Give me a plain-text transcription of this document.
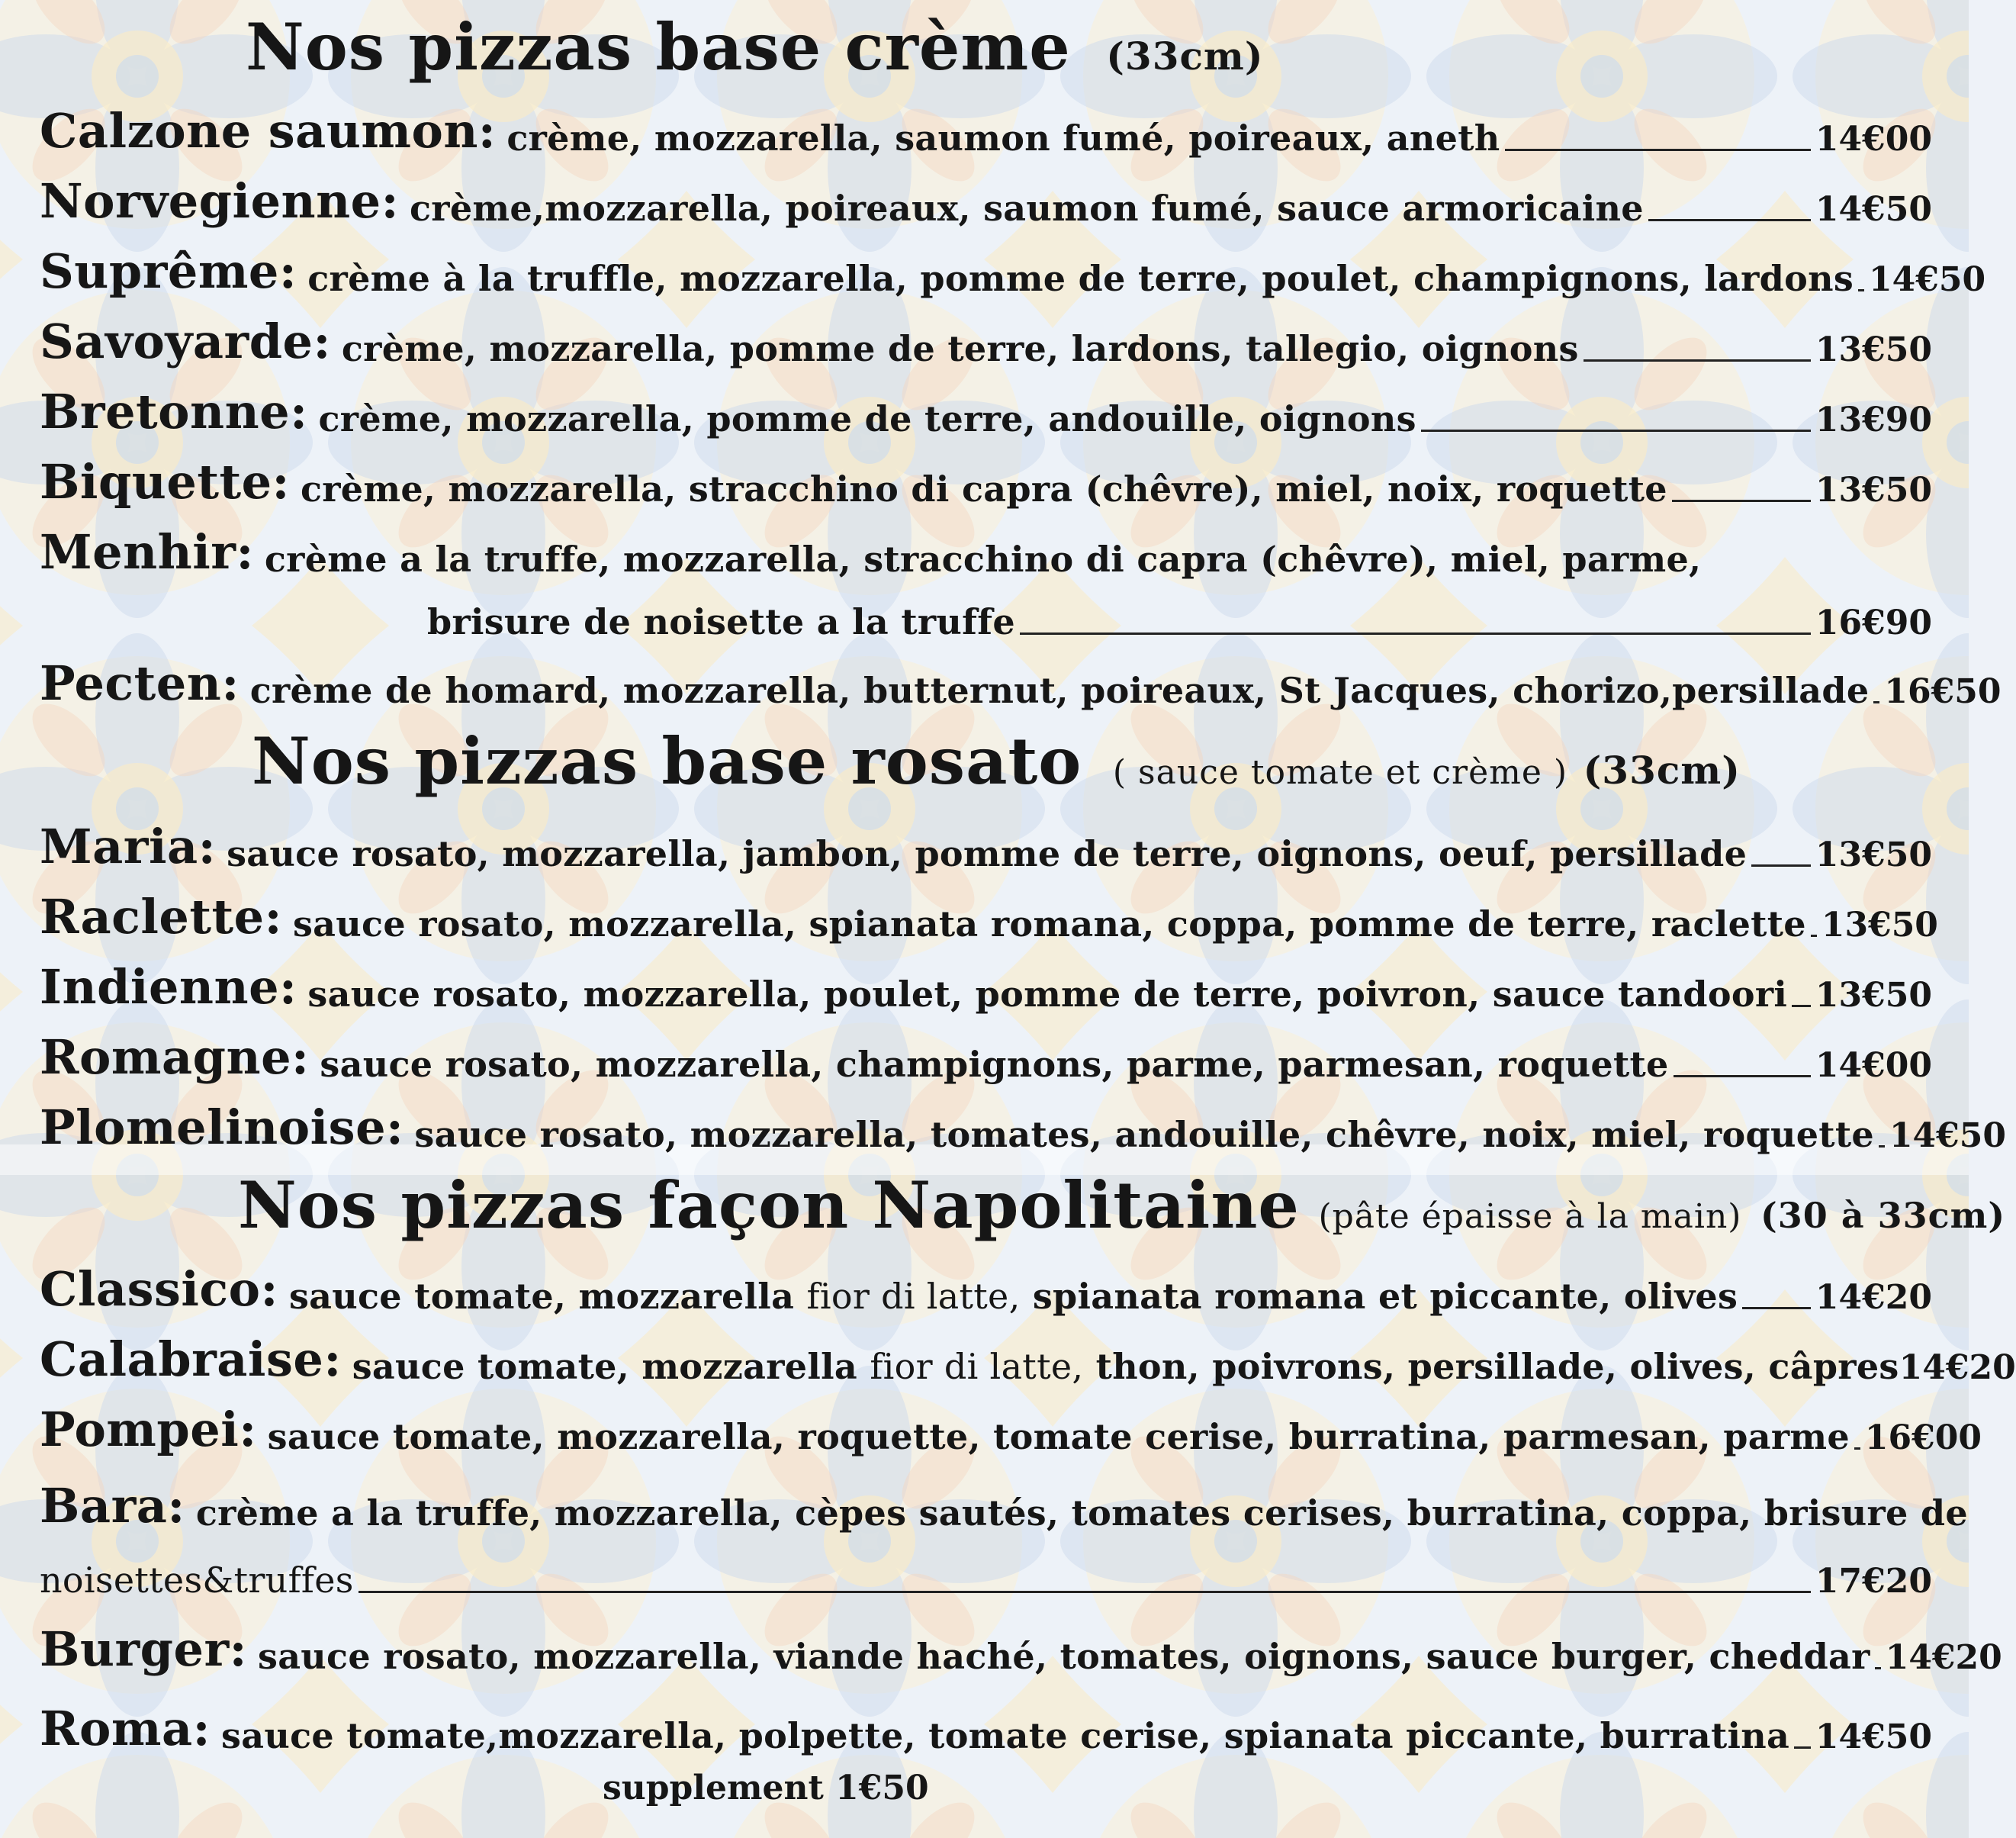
Nos pizzas base crème (33cm)
Calzone saumon: crème, mozzarella, saumon fumé, poireaux, aneth	14€00
Norvegienne: crème,mozzarella, poireaux, saumon fumé, sauce armoricaine	14€50
Suprême: crème à la truffle, mozzarella, pomme de terre, poulet, champignons, lardons 14€50
Savoyarde: crème, mozzarella, pomme de terre, lardons, tallegio, oignons	13€50
Bretonne: crème, mozzarella, pomme de terre, andouille, oignons	13€90
Biquette: crème, mozzarella, stracchino di capra (chêvre), miel, noix, roquette	13€50
Menhir: crème a la truffe, mozzarella, stracchino di capra (chêvre), miel, parme,
brisure de noisette a la truffe	16€90
Pecten: crème de homard, mozzarella, butternut, poireaux, St Jacques, chorizo,persillade 16€50
Nos pizzas base rosato ( sauce tomate et crème ) (33cm)
Maria: sauce rosato, mozzarella, jambon, pomme de terre, oignons, oeuf, persillade 13€50
Raclette: sauce rosato, mozzarella, spianata romana, coppa, pomme de terre, raclette 13€50
Indienne: sauce rosato, mozzarella, poulet, pomme de terre, poivron, sauce tandoori 13€50
Romagne: sauce rosato, mozzarella, champignons, parme, parmesan, roquette	14€00
Plomelinoise: sauce rosato, mozzarella, tomates, andouille, chêvre, noix, miel, roquette 14€50
Nos pizzas façon Napolitaine (pâte épaisse à la main) (30 à 33cm)
Classico: sauce tomate, mozzarella fior di latte, spianata romana et piccante, olives 14€20
Calabraise: sauce tomate, mozzarella fior di latte, thon, poivrons, persillade, olives, câpres 14€20
Pompei: sauce tomate, mozzarella, roquette, tomate cerise, burratina, parmesan, parme 16€00
Bara: crème a la truffe, mozzarella, cèpes sautés, tomates cerises, burratina, coppa, brisure de
noisettes&truffes	17€20
Burger: sauce rosato, mozzarella, viande haché, tomates, oignons, sauce burger, cheddar 14€20
Roma: sauce tomate,mozzarella, polpette, tomate cerise, spianata piccante, burratina 14€50
supplement 1€50
